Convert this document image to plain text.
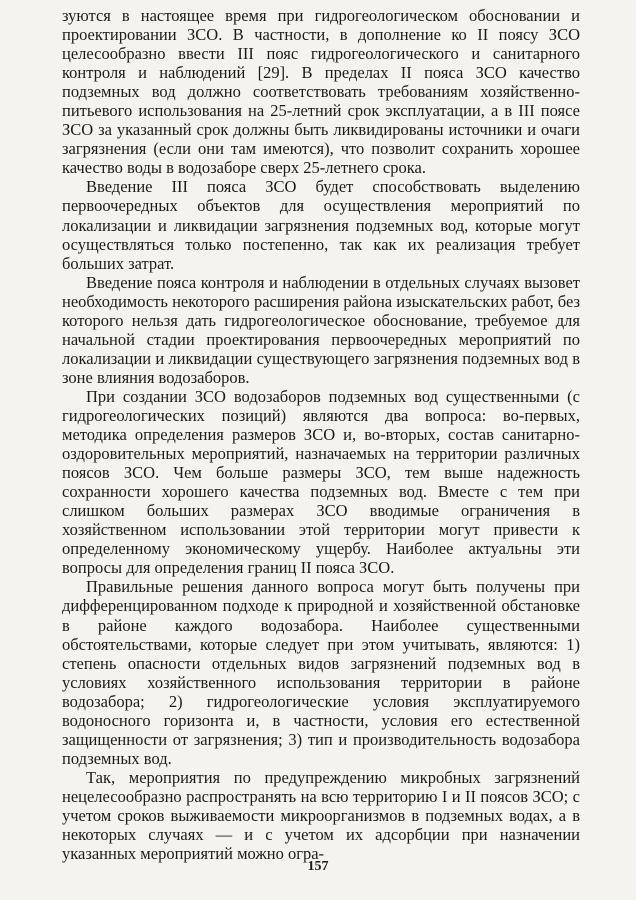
зуются в настоящее время при гидрогеологическом обосновании и проектировании ЗСО. В частности, в дополнение ко II поясу ЗСО целесообразно ввести III пояс гидрогеологического и санитарного контроля и наблюдений [29]. В пределах II пояса ЗСО качество подземных вод должно соответствовать требованиям хозяйственно-питьевого использования на 25-летний срок эксплуатации, а в III поясе ЗСО за указанный срок должны быть ликвидированы источники и очаги загрязнения (если они там имеются), что позволит сохранить хорошее качество воды в водозаборе сверх 25-летнего срока.

Введение III пояса ЗСО будет способствовать выделению первоочередных объектов для осуществления мероприятий по локализации и ликвидации загрязнения подземных вод, которые могут осуществляться только постепенно, так как их реализация требует больших затрат.

Введение пояса контроля и наблюдении в отдельных случаях вызовет необходимость некоторого расширения района изыскательских работ, без которого нельзя дать гидрогеологическое обоснование, требуемое для начальной стадии проектирования первоочередных мероприятий по локализации и ликвидации существующего загрязнения подземных вод в зоне влияния водозаборов.

При создании ЗСО водозаборов подземных вод существенными (с гидрогеологических позиций) являются два вопроса: во-первых, методика определения размеров ЗСО и, во-вторых, состав санитарно-оздоровительных мероприятий, назначаемых на территории различных поясов ЗСО. Чем больше размеры ЗСО, тем выше надежность сохранности хорошего качества подземных вод. Вместе с тем при слишком больших размерах ЗСО вводимые ограничения в хозяйственном использовании этой территории могут привести к определенному экономическому ущербу. Наиболее актуальны эти вопросы для определения границ II пояса ЗСО.

Правильные решения данного вопроса могут быть получены при дифференцированном подходе к природной и хозяйственной обстановке в районе каждого водозабора. Наиболее существенными обстоятельствами, которые следует при этом учитывать, являются: 1) степень опасности отдельных видов загрязнений подземных вод в условиях хозяйственного использования территории в районе водозабора; 2) гидрогеологические условия эксплуатируемого водоносного горизонта и, в частности, условия его естественной защищенности от загрязнения; 3) тип и производительность водозабора подземных вод.

Так, мероприятия по предупреждению микробных загрязнений нецелесообразно распространять на всю территорию I и II поясов ЗСО; с учетом сроков выживаемости микроорганизмов в подземных водах, а в некоторых случаях — и с учетом их адсорбции при назначении указанных мероприятий можно огра-

157
